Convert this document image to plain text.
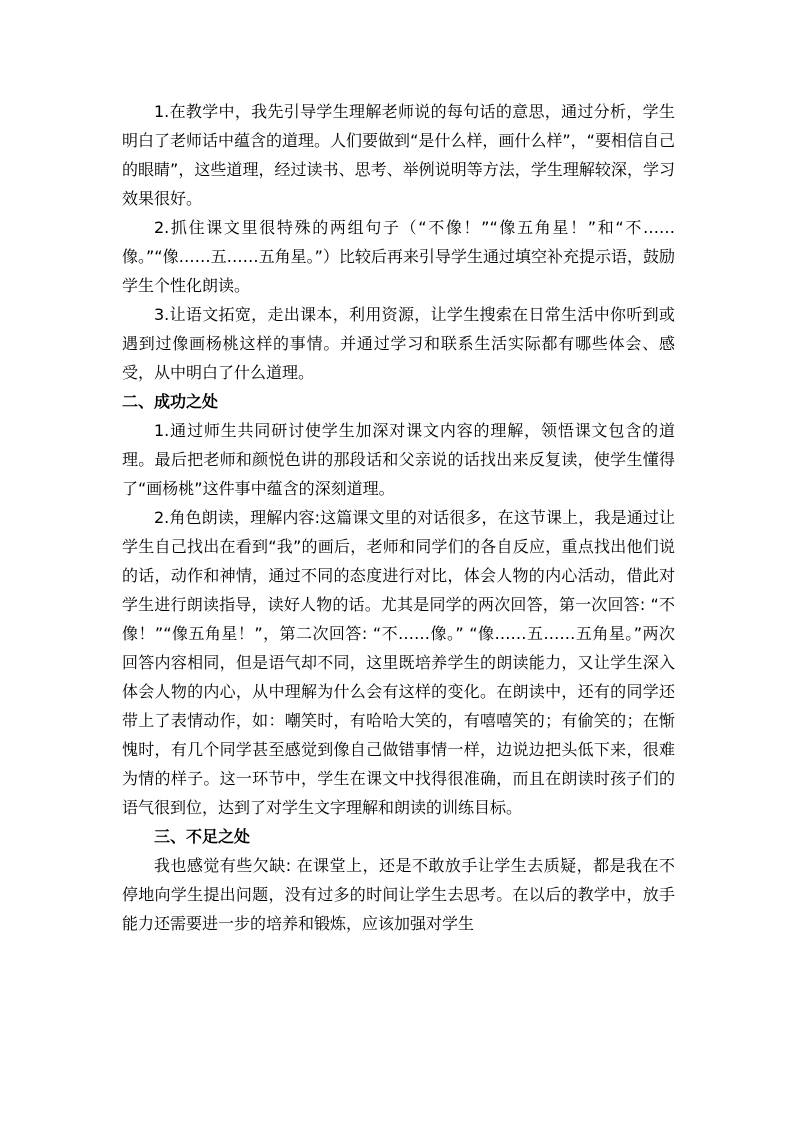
1.在教学中，我先引导学生理解老师说的每句话的意思，通过分析，学生明白了老师话中蕴含的道理。人们要做到“是什么样，画什么样”，“要相信自己的眼睛”，这些道理，经过读书、思考、举例说明等方法，学生理解较深，学习效果很好。

2.抓住课文里很特殊的两组句子（“不像！”“像五角星！”和“不……像。”“像……五……五角星。”）比较后再来引导学生通过填空补充提示语，鼓励学生个性化朗读。

3.让语文拓宽，走出课本，利用资源，让学生搜索在日常生活中你听到或遇到过像画杨桃这样的事情。并通过学习和联系生活实际都有哪些体会、感受，从中明白了什么道理。

二、成功之处

1.通过师生共同研讨使学生加深对课文内容的理解，领悟课文包含的道理。最后把老师和颜悦色讲的那段话和父亲说的话找出来反复读，使学生懂得了“画杨桃”这件事中蕴含的深刻道理。

2.角色朗读，理解内容:这篇课文里的对话很多，在这节课上，我是通过让学生自己找出在看到“我”的画后，老师和同学们的各自反应，重点找出他们说的话，动作和神情，通过不同的态度进行对比，体会人物的内心活动，借此对学生进行朗读指导，读好人物的话。尤其是同学的两次回答，第一次回答: “不像！”“像五角星！”，第二次回答: “不……像。” “像……五……五角星。”两次回答内容相同，但是语气却不同，这里既培养学生的朗读能力，又让学生深入体会人物的内心，从中理解为什么会有这样的变化。在朗读中，还有的同学还带上了表情动作，如：嘲笑时，有哈哈大笑的，有嘻嘻笑的；有偷笑的；在惭愧时，有几个同学甚至感觉到像自己做错事情一样，边说边把头低下来，很难为情的样子。这一环节中，学生在课文中找得很准确，而且在朗读时孩子们的语气很到位，达到了对学生文字理解和朗读的训练目标。

三、不足之处

我也感觉有些欠缺: 在课堂上，还是不敢放手让学生去质疑，都是我在不停地向学生提出问题，没有过多的时间让学生去思考。在以后的教学中，放手能力还需要进一步的培养和锻炼，应该加强对学生
